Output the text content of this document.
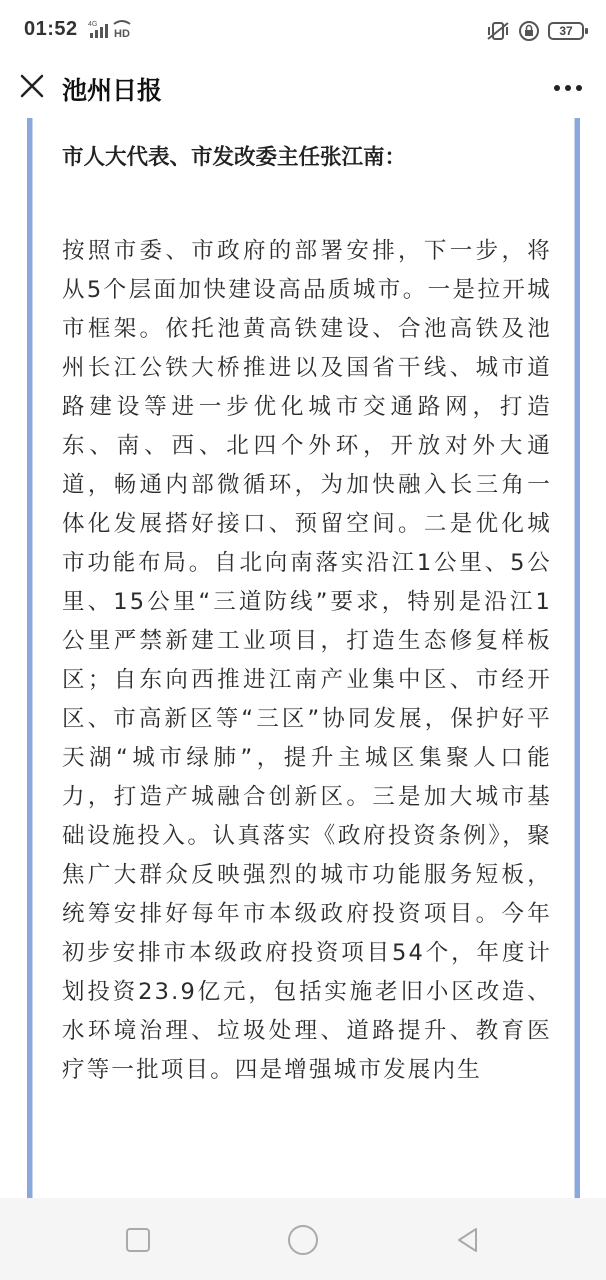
01:52 4G
HD	37
池州日报

市人大代表、市发改委主任张江南：

按照市委、市政府的部署安排，下一步，将从5个层面加快建设高品质城市。一是拉开城市框架。依托池黄高铁建设、合池高铁及池州长江公铁大桥推进以及国省干线、城市道路建设等进一步优化城市交通路网，打造东、南、西、北四个外环，开放对外大通道，畅通内部微循环，为加快融入长三角一体化发展搭好接口、预留空间。二是优化城市功能布局。自北向南落实沿江1公里、5公里、15公里“三道防线”要求，特别是沿江1公里严禁新建工业项目，打造生态修复样板区；自东向西推进江南产业集中区、市经开区、市高新区等“三区”协同发展，保护好平天湖“城市绿肺”，提升主城区集聚人口能力，打造产城融合创新区。三是加大城市基础设施投入。认真落实《政府投资条例》，聚焦广大群众反映强烈的城市功能服务短板，统筹安排好每年市本级政府投资项目。今年初步安排市本级政府投资项目54个，年度计划投资23.9亿元，包括实施老旧小区改造、水环境治理、垃圾处理、道路提升、教育医疗等一批项目。四是增强城市发展内生
